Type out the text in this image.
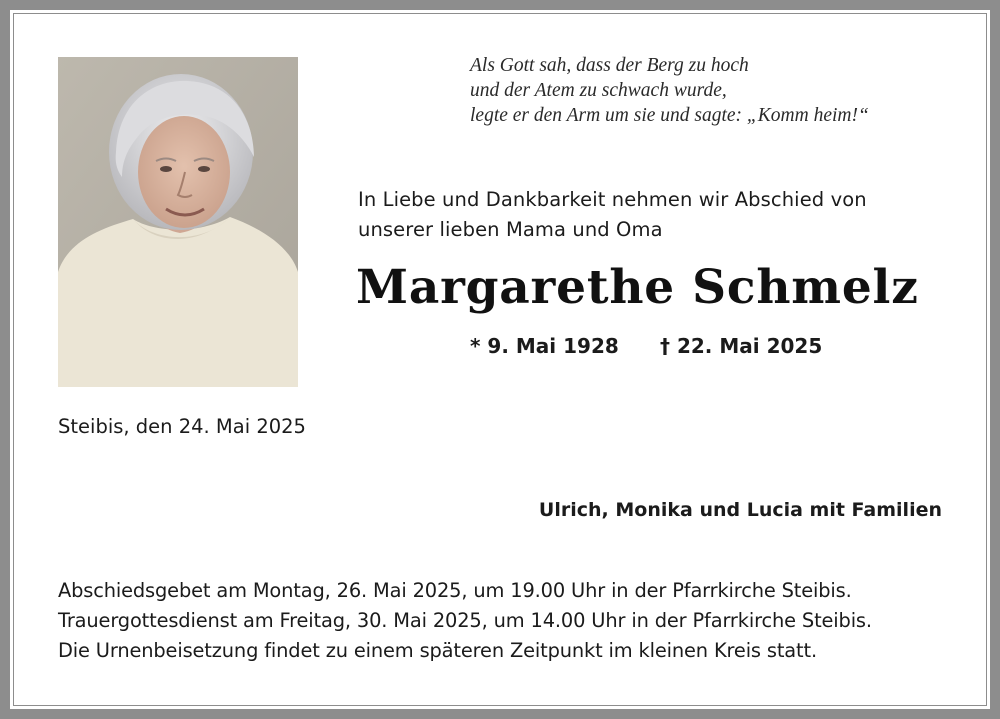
Als Gott sah, dass der Berg zu hoch
und der Atem zu schwach wurde,
legte er den Arm um sie und sagte: „Komm heim!“
In Liebe und Dankbarkeit nehmen wir Abschied von
unserer lieben Mama und Oma
Margarethe Schmelz
* 9. Mai 1928 † 22. Mai 2025
Steibis, den 24. Mai 2025
Ulrich, Monika und Lucia mit Familien
Abschiedsgebet am Montag, 26. Mai 2025, um 19.00 Uhr in der Pfarrkirche Steibis.
Trauergottesdienst am Freitag, 30. Mai 2025, um 14.00 Uhr in der Pfarrkirche Steibis.
Die Urnenbeisetzung findet zu einem späteren Zeitpunkt im kleinen Kreis statt.
